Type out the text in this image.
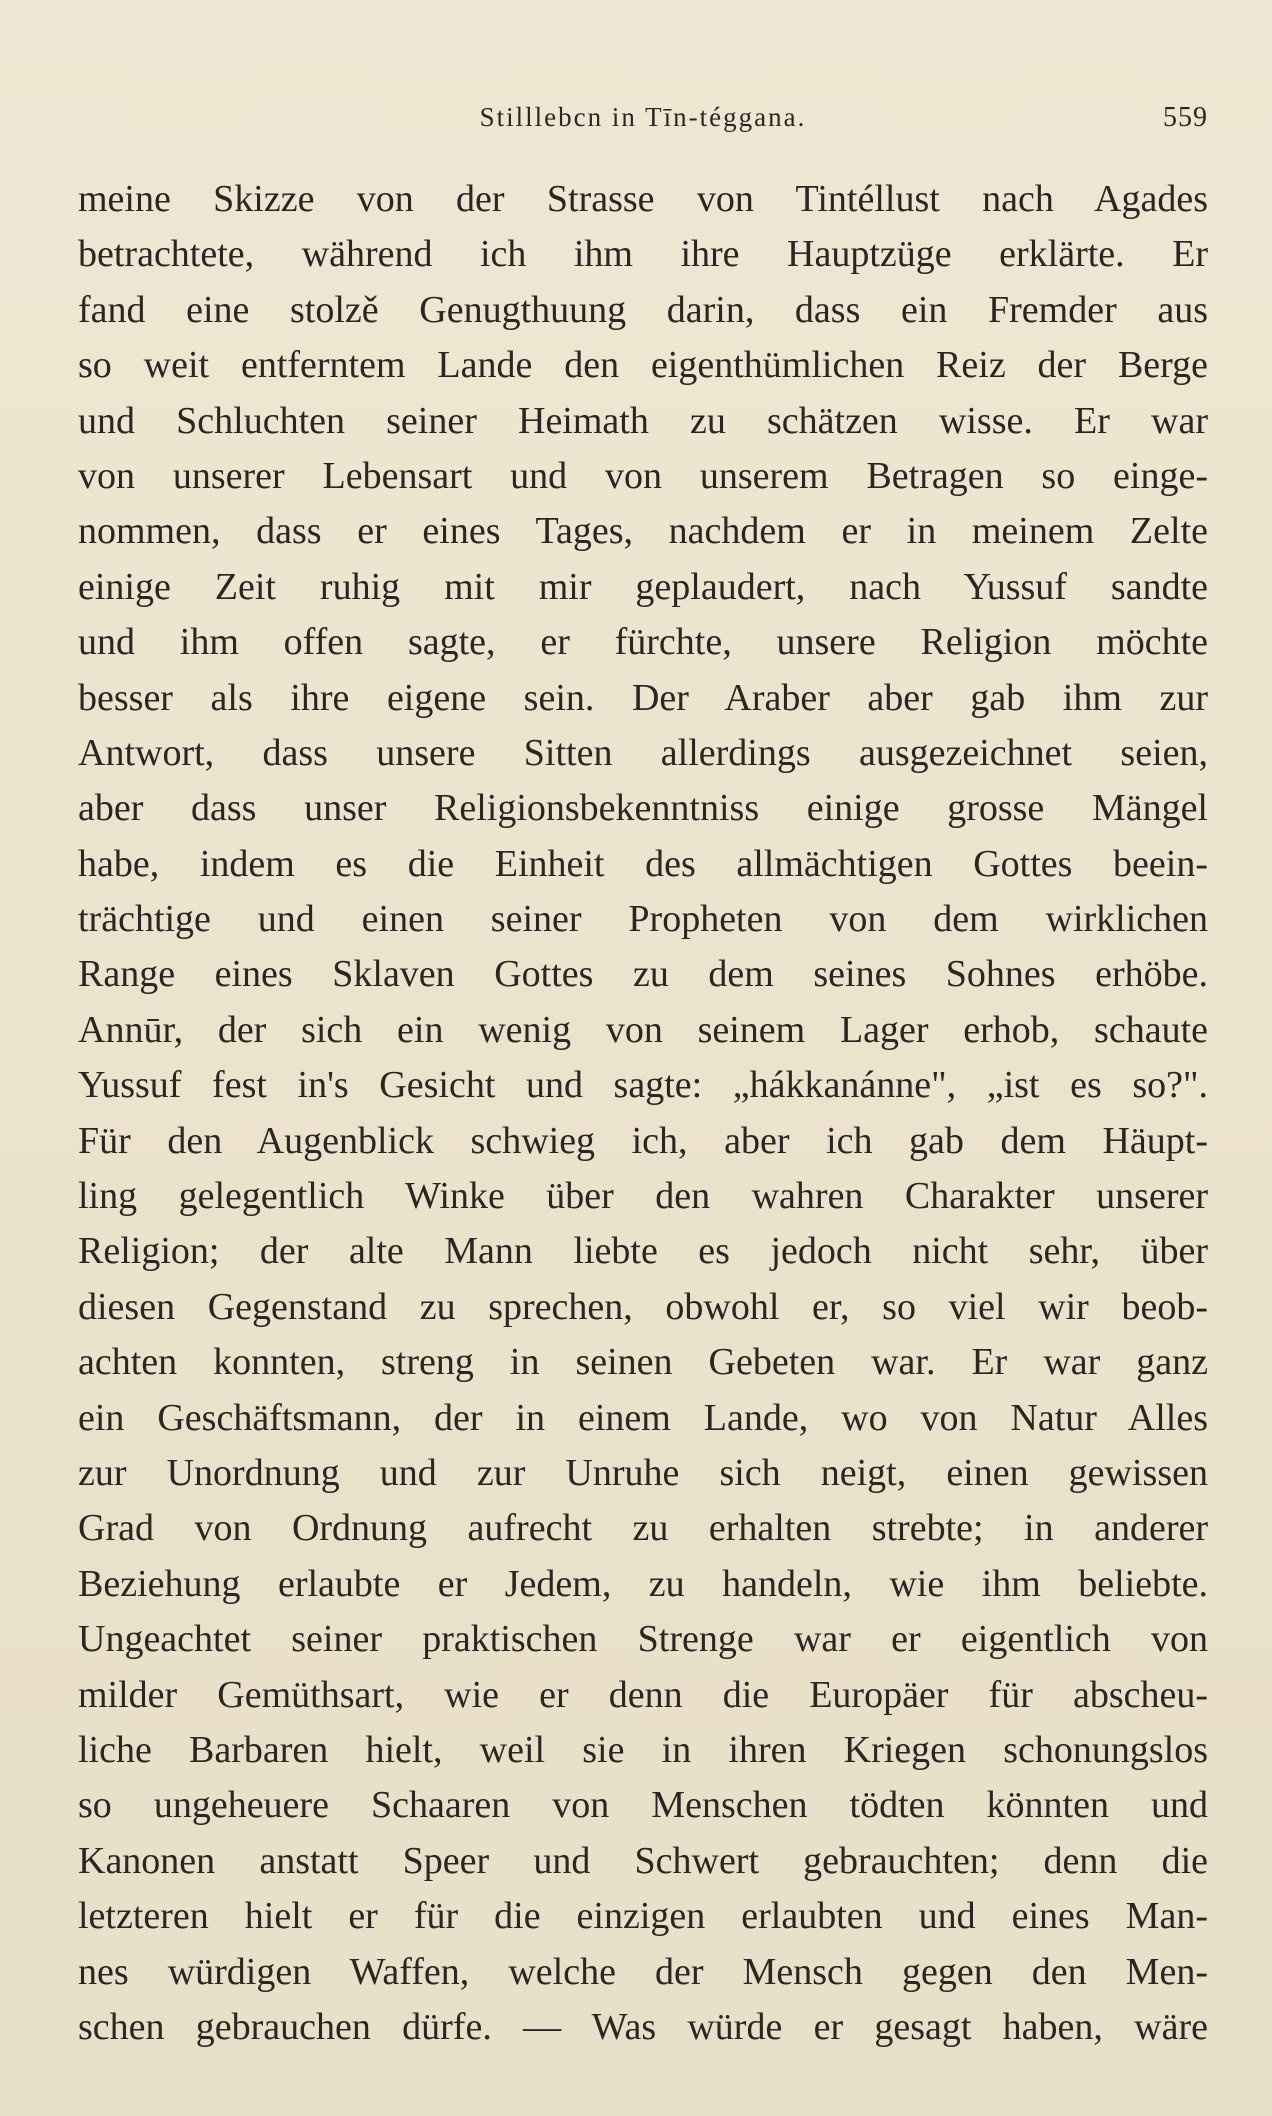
Stilllebcn in Tīn-téggana.	559
meine Skizze von der Strasse von Tintéllust nach Agades
betrachtete, während ich ihm ihre Hauptzüge erklärte. Er
fand eine stolzě Genugthuung darin, dass ein Fremder aus
so weit entferntem Lande den eigenthümlichen Reiz der Berge
und Schluchten seiner Heimath zu schätzen wisse. Er war
von unserer Lebensart und von unserem Betragen so einge-
nommen, dass er eines Tages, nachdem er in meinem Zelte
einige Zeit ruhig mit mir geplaudert, nach Yussuf sandte
und ihm offen sagte, er fürchte, unsere Religion möchte
besser als ihre eigene sein. Der Araber aber gab ihm zur
Antwort, dass unsere Sitten allerdings ausgezeichnet seien,
aber dass unser Religionsbekenntniss einige grosse Mängel
habe, indem es die Einheit des allmächtigen Gottes beein-
trächtige und einen seiner Propheten von dem wirklichen
Range eines Sklaven Gottes zu dem seines Sohnes erhöbe.
Annūr, der sich ein wenig von seinem Lager erhob, schaute
Yussuf fest in's Gesicht und sagte: „hákkanánne", „ist es so?".
Für den Augenblick schwieg ich, aber ich gab dem Häupt-
ling gelegentlich Winke über den wahren Charakter unserer
Religion; der alte Mann liebte es jedoch nicht sehr, über
diesen Gegenstand zu sprechen, obwohl er, so viel wir beob-
achten konnten, streng in seinen Gebeten war. Er war ganz
ein Geschäftsmann, der in einem Lande, wo von Natur Alles
zur Unordnung und zur Unruhe sich neigt, einen gewissen
Grad von Ordnung aufrecht zu erhalten strebte; in anderer
Beziehung erlaubte er Jedem, zu handeln, wie ihm beliebte.
Ungeachtet seiner praktischen Strenge war er eigentlich von
milder Gemüthsart, wie er denn die Europäer für abscheu-
liche Barbaren hielt, weil sie in ihren Kriegen schonungslos
so ungeheuere Schaaren von Menschen tödten könnten und
Kanonen anstatt Speer und Schwert gebrauchten; denn die
letzteren hielt er für die einzigen erlaubten und eines Man-
nes würdigen Waffen, welche der Mensch gegen den Men-
schen gebrauchen dürfe. — Was würde er gesagt haben, wäre
